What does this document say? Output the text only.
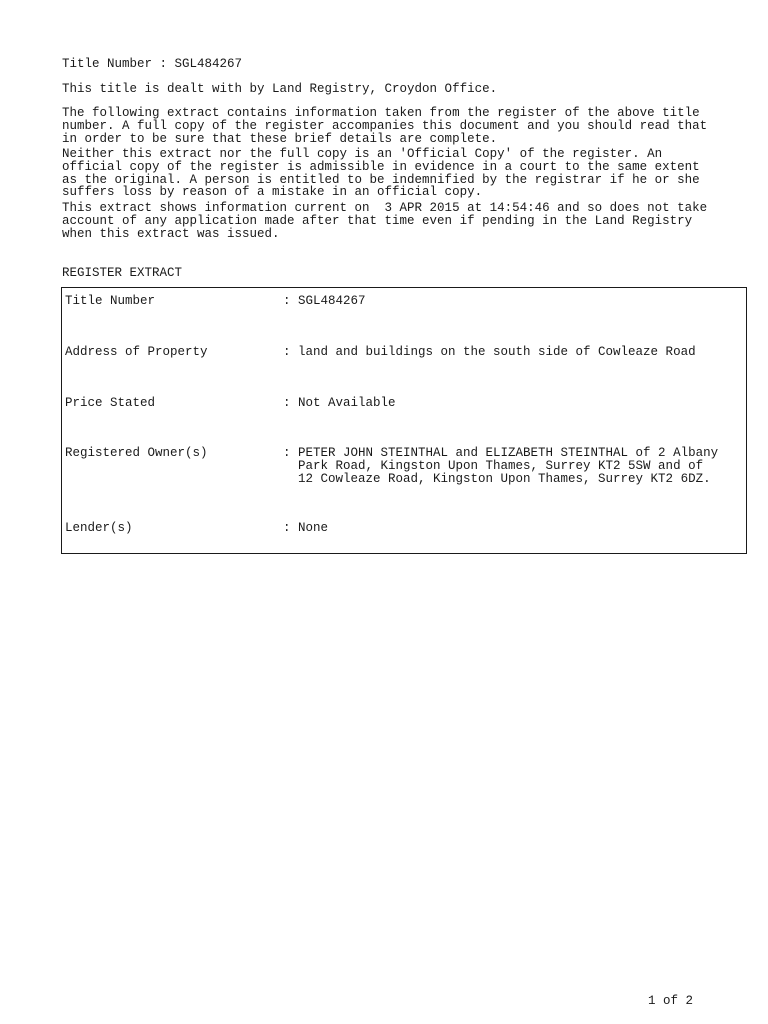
Title Number : SGL484267

This title is dealt with by Land Registry, Croydon Office.

The following extract contains information taken from the register of the above title
number. A full copy of the register accompanies this document and you should read that
in order to be sure that these brief details are complete.

Neither this extract nor the full copy is an 'Official Copy' of the register. An
official copy of the register is admissible in evidence in a court to the same extent
as the original. A person is entitled to be indemnified by the registrar if he or she
suffers loss by reason of a mistake in an official copy.

This extract shows information current on  3 APR 2015 at 14:54:46 and so does not take
account of any application made after that time even if pending in the Land Registry
when this extract was issued.

REGISTER EXTRACT

Title Number	: SGL484267
Address of Property	: land and buildings on the south side of Cowleaze Road
Price Stated	: Not Available
Registered Owner(s)	: PETER JOHN STEINTHAL and ELIZABETH STEINTHAL of 2 Albany
Park Road, Kingston Upon Thames, Surrey KT2 5SW and of
12 Cowleaze Road, Kingston Upon Thames, Surrey KT2 6DZ.
Lender(s)	: None
1 of 2
